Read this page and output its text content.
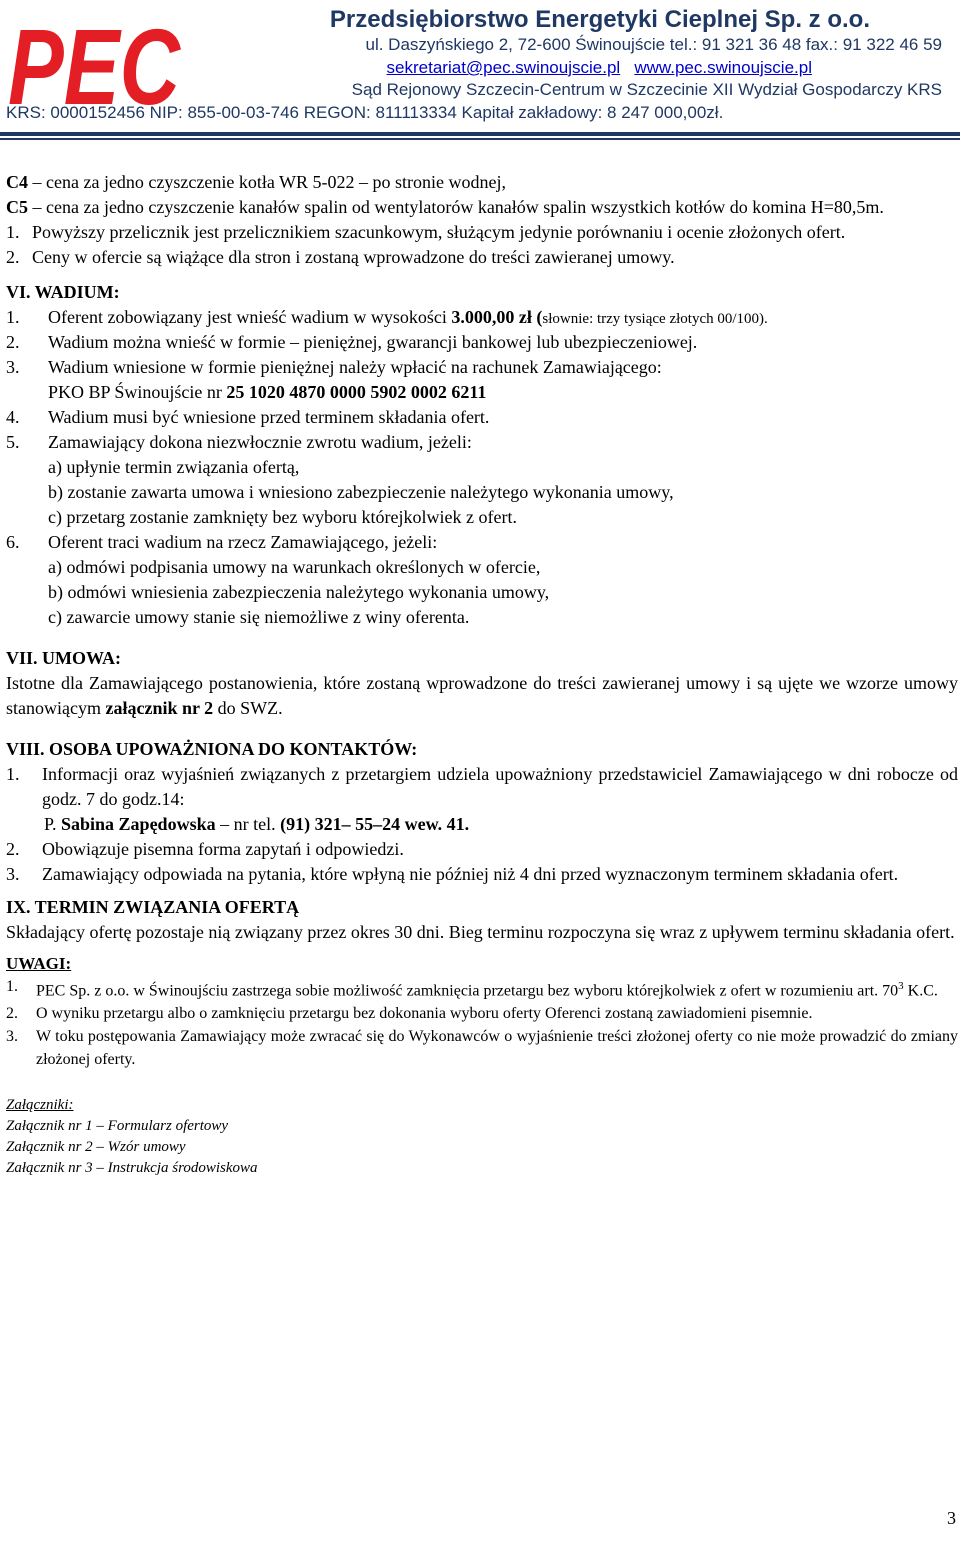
PEC	Przedsiębiorstwo Energetyki Cieplnej Sp. z o.o.
ul. Daszyńskiego 2, 72-600 Świnoujście tel.: 91 321 36 48 fax.: 91 322 46 59
sekretariat@pec.swinoujscie.pl www.pec.swinoujscie.pl
Sąd Rejonowy Szczecin-Centrum w Szczecinie XII Wydział Gospodarczy KRS
KRS: 0000152456 NIP: 855-00-03-746 REGON: 811113334 Kapitał zakładowy: 8 247 000,00zł.

C4 – cena za jedno czyszczenie kotła WR 5-022 – po stronie wodnej,

C5 – cena za jedno czyszczenie kanałów spalin od wentylatorów kanałów spalin wszystkich kotłów do komina H=80,5m.

1. Powyższy przelicznik jest przelicznikiem szacunkowym, służącym jedynie porównaniu i ocenie złożonych ofert.
2. Ceny w ofercie są wiążące dla stron i zostaną wprowadzone do treści zawieranej umowy.

VI. WADIUM:

1.	Oferent zobowiązany jest wnieść wadium w wysokości 3.000,00 zł (słownie: trzy tysiące złotych 00/100).
2.	Wadium można wnieść w formie – pieniężnej, gwarancji bankowej lub ubezpieczeniowej.
3.	Wadium wniesione w formie pieniężnej należy wpłacić na rachunek Zamawiającego:
PKO BP Świnoujście nr 25 1020 4870 0000 5902 0002 6211
4.	Wadium musi być wniesione przed terminem składania ofert.
5.	Zamawiający dokona niezwłocznie zwrotu wadium, jeżeli:
a) upłynie termin związania ofertą,
b) zostanie zawarta umowa i wniesiono zabezpieczenie należytego wykonania umowy,
c) przetarg zostanie zamknięty bez wyboru którejkolwiek z ofert.
6.	Oferent traci wadium na rzecz Zamawiającego, jeżeli:
a) odmówi podpisania umowy na warunkach określonych w ofercie,
b) odmówi wniesienia zabezpieczenia należytego wykonania umowy,
c) zawarcie umowy stanie się niemożliwe z winy oferenta.

VII. UMOWA:

Istotne dla Zamawiającego postanowienia, które zostaną wprowadzone do treści zawieranej umowy i są ujęte we wzorze umowy stanowiącym załącznik nr 2 do SWZ.

VIII. OSOBA UPOWAŻNIONA DO KONTAKTÓW:

1.	Informacji oraz wyjaśnień związanych z przetargiem udziela upoważniony przedstawiciel Zamawiającego w dni robocze od godz. 7 do godz.14:
P. Sabina Zapędowska – nr tel. (91) 321– 55–24 wew. 41.
2.	Obowiązuje pisemna forma zapytań i odpowiedzi.
3.	Zamawiający odpowiada na pytania, które wpłyną nie później niż 4 dni przed wyznaczonym terminem składania ofert.

IX. TERMIN ZWIĄZANIA OFERTĄ

Składający ofertę pozostaje nią związany przez okres 30 dni. Bieg terminu rozpoczyna się wraz z upływem terminu składania ofert.

UWAGI:

1.	PEC Sp. z o.o. w Świnoujściu zastrzega sobie możliwość zamknięcia przetargu bez wyboru którejkolwiek z ofert w rozumieniu art. $70^3$ K.C.
2.	O wyniku przetargu albo o zamknięciu przetargu bez dokonania wyboru oferty Oferenci zostaną zawiadomieni pisemnie.
3.	W toku postępowania Zamawiający może zwracać się do Wykonawców o wyjaśnienie treści złożonej oferty co nie może prowadzić do zmiany złożonej oferty.

Załączniki:

Załącznik nr 1 – Formularz ofertowy

Załącznik nr 2 – Wzór umowy

Załącznik nr 3 – Instrukcja środowiskowa

3
